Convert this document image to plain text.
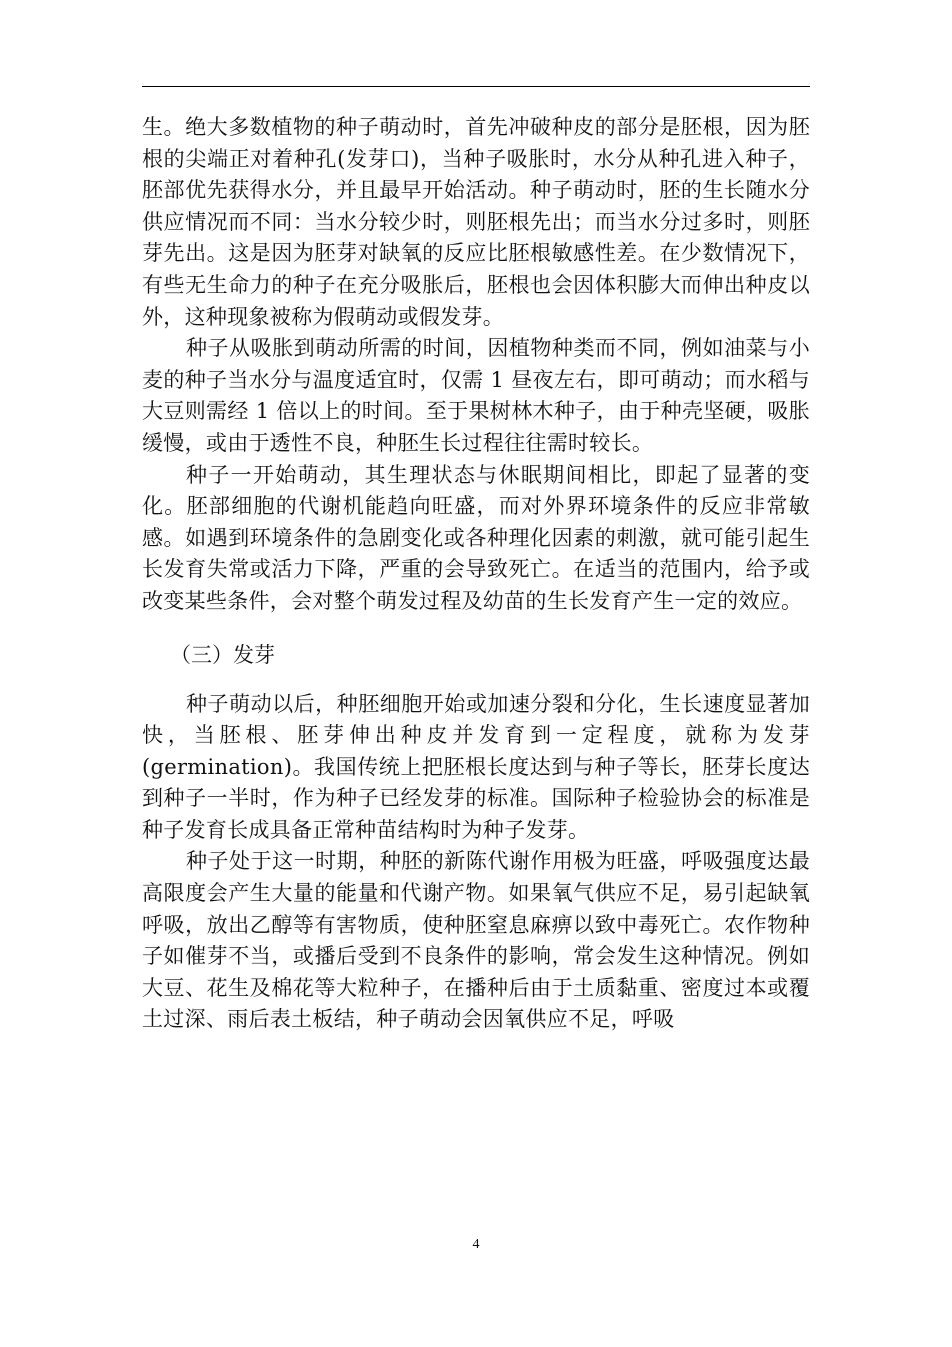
生。绝大多数植物的种子萌动时，首先冲破种皮的部分是胚根，因为胚根的尖端正对着种孔(发芽口)，当种子吸胀时，水分从种孔进入种子，胚部优先获得水分，并且最早开始活动。种子萌动时，胚的生长随水分供应情况而不同：当水分较少时，则胚根先出；而当水分过多时，则胚芽先出。这是因为胚芽对缺氧的反应比胚根敏感性差。在少数情况下，有些无生命力的种子在充分吸胀后，胚根也会因体积膨大而伸出种皮以外，这种现象被称为假萌动或假发芽。

种子从吸胀到萌动所需的时间，因植物种类而不同，例如油菜与小麦的种子当水分与温度适宜时，仅需 1 昼夜左右，即可萌动；而水稻与大豆则需经 1 倍以上的时间。至于果树林木种子，由于种壳坚硬，吸胀缓慢，或由于透性不良，种胚生长过程往往需时较长。

种子一开始萌动，其生理状态与休眠期间相比，即起了显著的变化。胚部细胞的代谢机能趋向旺盛，而对外界环境条件的反应非常敏感。如遇到环境条件的急剧变化或各种理化因素的刺激，就可能引起生长发育失常或活力下降，严重的会导致死亡。在适当的范围内，给予或改变某些条件，会对整个萌发过程及幼苗的生长发育产生一定的效应。

（三）发芽

种子萌动以后，种胚细胞开始或加速分裂和分化，生长速度显著加快，当胚根、胚芽伸出种皮并发育到一定程度，就称为发芽(germination)。我国传统上把胚根长度达到与种子等长，胚芽长度达到种子一半时，作为种子已经发芽的标准。国际种子检验协会的标准是种子发育长成具备正常种苗结构时为种子发芽。

种子处于这一时期，种胚的新陈代谢作用极为旺盛，呼吸强度达最高限度会产生大量的能量和代谢产物。如果氧气供应不足，易引起缺氧呼吸，放出乙醇等有害物质，使种胚窒息麻痹以致中毒死亡。农作物种子如催芽不当，或播后受到不良条件的影响，常会发生这种情况。例如大豆、花生及棉花等大粒种子，在播种后由于土质黏重、密度过本或覆土过深、雨后表土板结，种子萌动会因氧供应不足，呼吸

4
